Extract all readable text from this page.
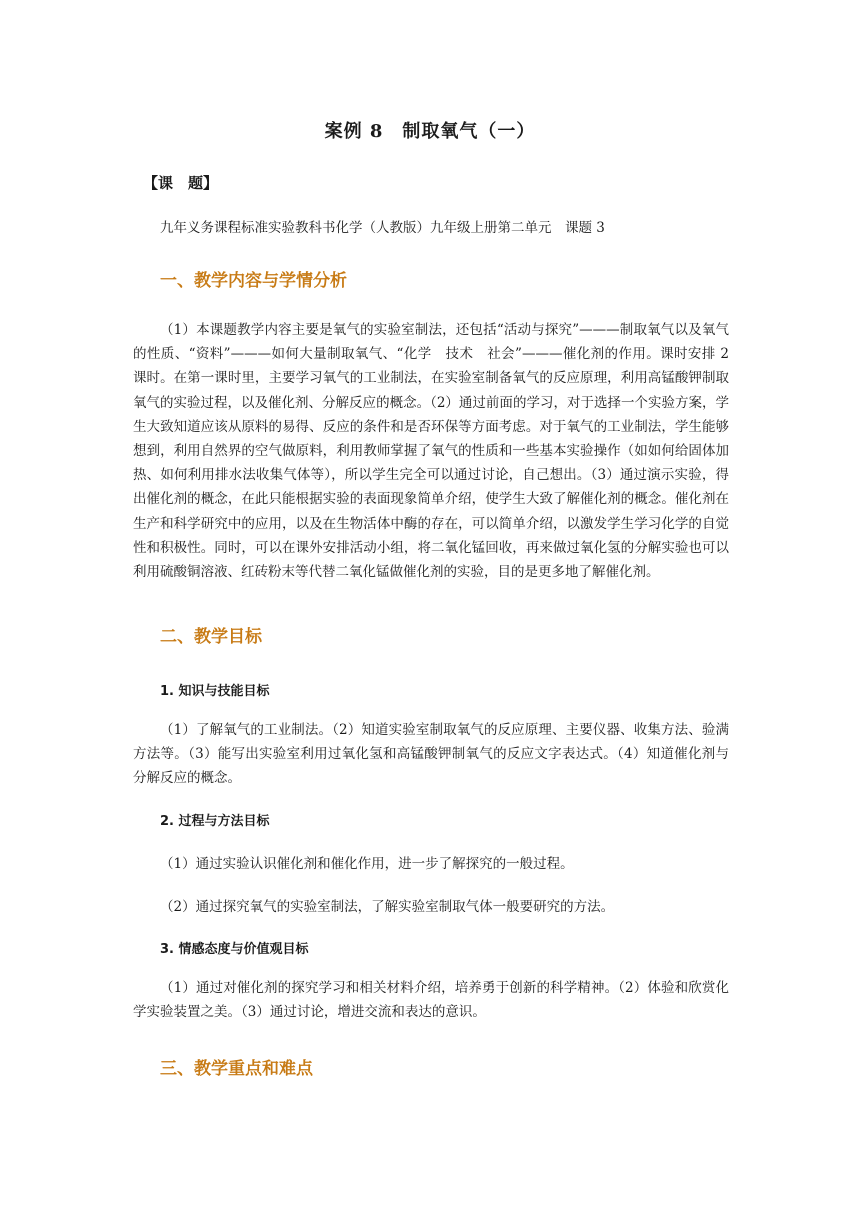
案例 8　制取氧气（一）
【课　题】
九年义务课程标准实验教科书化学（人教版）九年级上册第二单元　课题 3
一、教学内容与学情分析

（1）本课题教学内容主要是氧气的实验室制法，还包括“活动与探究”———制取氧气以及氧气的性质、“资料”———如何大量制取氧气、“化学　技术　社会”———催化剂的作用。课时安排 2 课时。在第一课时里，主要学习氧气的工业制法，在实验室制备氧气的反应原理，利用高锰酸钾制取氧气的实验过程，以及催化剂、分解反应的概念。（2）通过前面的学习，对于选择一个实验方案，学生大致知道应该从原料的易得、反应的条件和是否环保等方面考虑。对于氧气的工业制法，学生能够想到，利用自然界的空气做原料，利用教师掌握了氧气的性质和一些基本实验操作（如如何给固体加热、如何利用排水法收集气体等），所以学生完全可以通过讨论，自己想出。（3）通过演示实验，得出催化剂的概念，在此只能根据实验的表面现象简单介绍，使学生大致了解催化剂的概念。催化剂在生产和科学研究中的应用，以及在生物活体中酶的存在，可以简单介绍，以激发学生学习化学的自觉性和积极性。同时，可以在课外安排活动小组，将二氧化锰回收，再来做过氧化氢的分解实验也可以利用硫酸铜溶液、红砖粉末等代替二氧化锰做催化剂的实验，目的是更多地了解催化剂。

二、教学目标
1. 知识与技能目标

（1）了解氧气的工业制法。（2）知道实验室制取氧气的反应原理、主要仪器、收集方法、验满方法等。（3）能写出实验室利用过氧化氢和高锰酸钾制氧气的反应文字表达式。（4）知道催化剂与分解反应的概念。

2. 过程与方法目标
（1）通过实验认识催化剂和催化作用，进一步了解探究的一般过程。
（2）通过探究氧气的实验室制法，了解实验室制取气体一般要研究的方法。
3. 情感态度与价值观目标

（1）通过对催化剂的探究学习和相关材料介绍，培养勇于创新的科学精神。（2）体验和欣赏化学实验装置之美。（3）通过讨论，增进交流和表达的意识。

三、教学重点和难点
